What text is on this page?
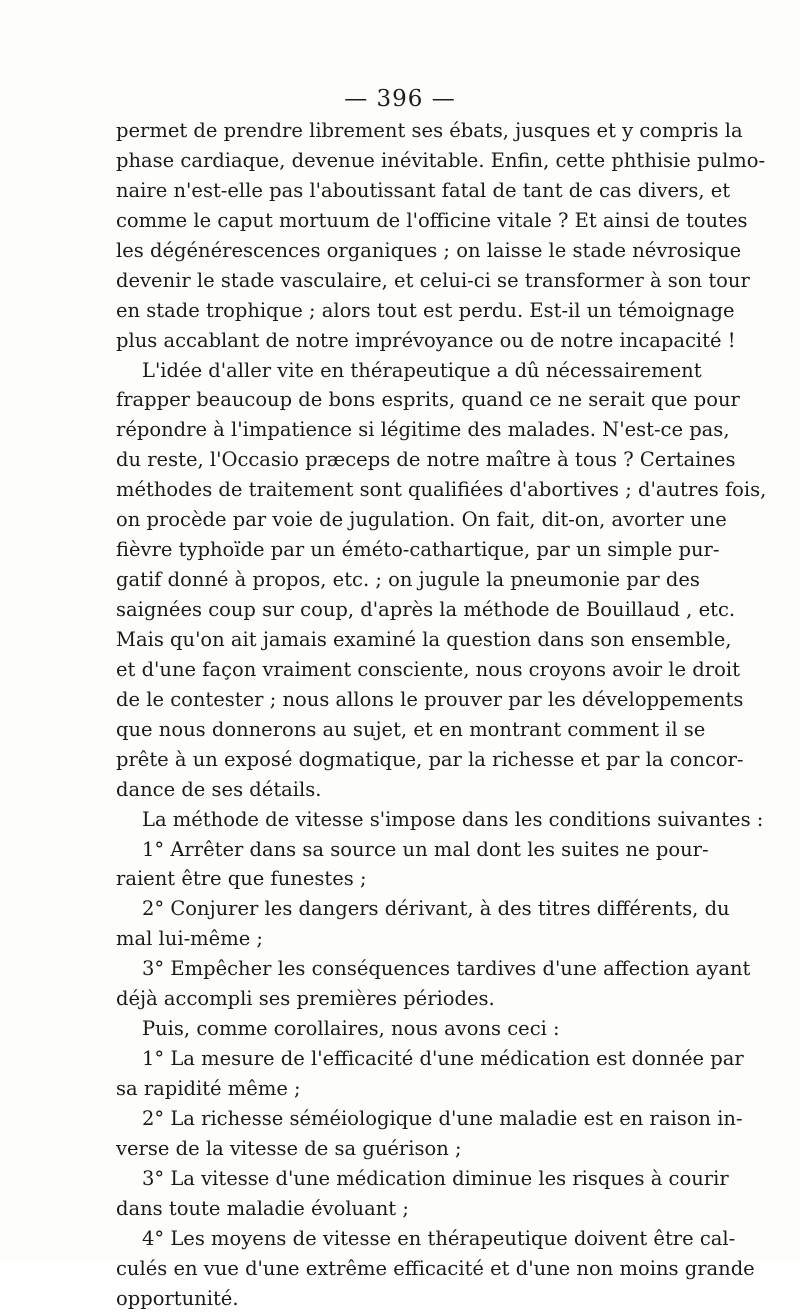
— 396 —
permet de prendre librement ses ébats, jusques et y compris la
phase cardiaque, devenue inévitable. Enfin, cette phthisie pulmo-
naire n'est-elle pas l'aboutissant fatal de tant de cas divers, et
comme le caput mortuum de l'officine vitale ? Et ainsi de toutes
les dégénérescences organiques ; on laisse le stade névrosique
devenir le stade vasculaire, et celui-ci se transformer à son tour
en stade trophique ; alors tout est perdu. Est-il un témoignage
plus accablant de notre imprévoyance ou de notre incapacité !
L'idée d'aller vite en thérapeutique a dû nécessairement
frapper beaucoup de bons esprits, quand ce ne serait que pour
répondre à l'impatience si légitime des malades. N'est-ce pas,
du reste, l'Occasio præceps de notre maître à tous ? Certaines
méthodes de traitement sont qualifiées d'abortives ; d'autres fois,
on procède par voie de jugulation. On fait, dit-on, avorter une
fièvre typhoïde par un éméto-cathartique, par un simple pur-
gatif donné à propos, etc. ; on jugule la pneumonie par des
saignées coup sur coup, d'après la méthode de Bouillaud , etc.
Mais qu'on ait jamais examiné la question dans son ensemble,
et d'une façon vraiment consciente, nous croyons avoir le droit
de le contester ; nous allons le prouver par les développements
que nous donnerons au sujet, et en montrant comment il se
prête à un exposé dogmatique, par la richesse et par la concor-
dance de ses détails.
La méthode de vitesse s'impose dans les conditions suivantes :
1° Arrêter dans sa source un mal dont les suites ne pour-
raient être que funestes ;
2° Conjurer les dangers dérivant, à des titres différents, du
mal lui-même ;
3° Empêcher les conséquences tardives d'une affection ayant
déjà accompli ses premières périodes.
Puis, comme corollaires, nous avons ceci :
1° La mesure de l'efficacité d'une médication est donnée par
sa rapidité même ;
2° La richesse séméiologique d'une maladie est en raison in-
verse de la vitesse de sa guérison ;
3° La vitesse d'une médication diminue les risques à courir
dans toute maladie évoluant ;
4° Les moyens de vitesse en thérapeutique doivent être cal-
culés en vue d'une extrême efficacité et d'une non moins grande
opportunité.
